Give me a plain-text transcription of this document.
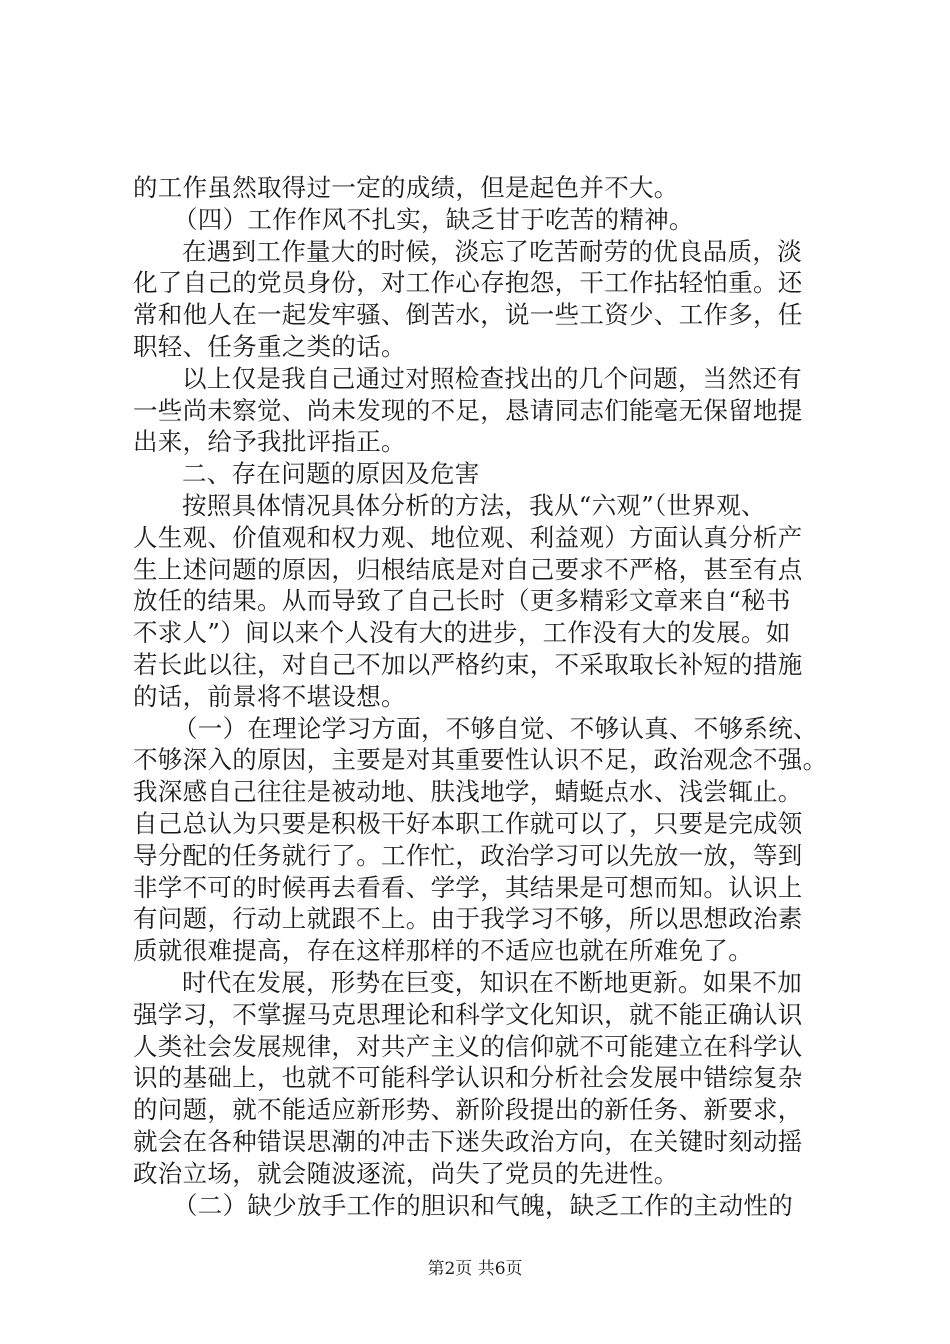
的工作虽然取得过一定的成绩，但是起色并不大。
（四）工作作风不扎实，缺乏甘于吃苦的精神。
在遇到工作量大的时候，淡忘了吃苦耐劳的优良品质，淡
化了自己的党员身份，对工作心存抱怨，干工作拈轻怕重。还
常和他人在一起发牢骚、倒苦水，说一些工资少、工作多，任
职轻、任务重之类的话。
以上仅是我自己通过对照检查找出的几个问题，当然还有
一些尚未察觉、尚未发现的不足，恳请同志们能毫无保留地提
出来，给予我批评指正。
二、存在问题的原因及危害
按照具体情况具体分析的方法，我从“六观”（世界观、
人生观、价值观和权力观、地位观、利益观）方面认真分析产
生上述问题的原因，归根结底是对自己要求不严格，甚至有点
放任的结果。从而导致了自己长时（更多精彩文章来自“秘书
不求人”）间以来个人没有大的进步，工作没有大的发展。如
若长此以往，对自己不加以严格约束，不采取取长补短的措施
的话，前景将不堪设想。
（一）在理论学习方面，不够自觉、不够认真、不够系统、
不够深入的原因，主要是对其重要性认识不足，政治观念不强。
我深感自己往往是被动地、肤浅地学，蜻蜓点水、浅尝辄止。
自己总认为只要是积极干好本职工作就可以了，只要是完成领
导分配的任务就行了。工作忙，政治学习可以先放一放，等到
非学不可的时候再去看看、学学，其结果是可想而知。认识上
有问题，行动上就跟不上。由于我学习不够，所以思想政治素
质就很难提高，存在这样那样的不适应也就在所难免了。
时代在发展，形势在巨变，知识在不断地更新。如果不加
强学习，不掌握马克思理论和科学文化知识，就不能正确认识
人类社会发展规律，对共产主义的信仰就不可能建立在科学认
识的基础上，也就不可能科学认识和分析社会发展中错综复杂
的问题，就不能适应新形势、新阶段提出的新任务、新要求，
就会在各种错误思潮的冲击下迷失政治方向，在关键时刻动摇
政治立场，就会随波逐流，尚失了党员的先进性。
（二）缺少放手工作的胆识和气魄，缺乏工作的主动性的
第2页 共6页
